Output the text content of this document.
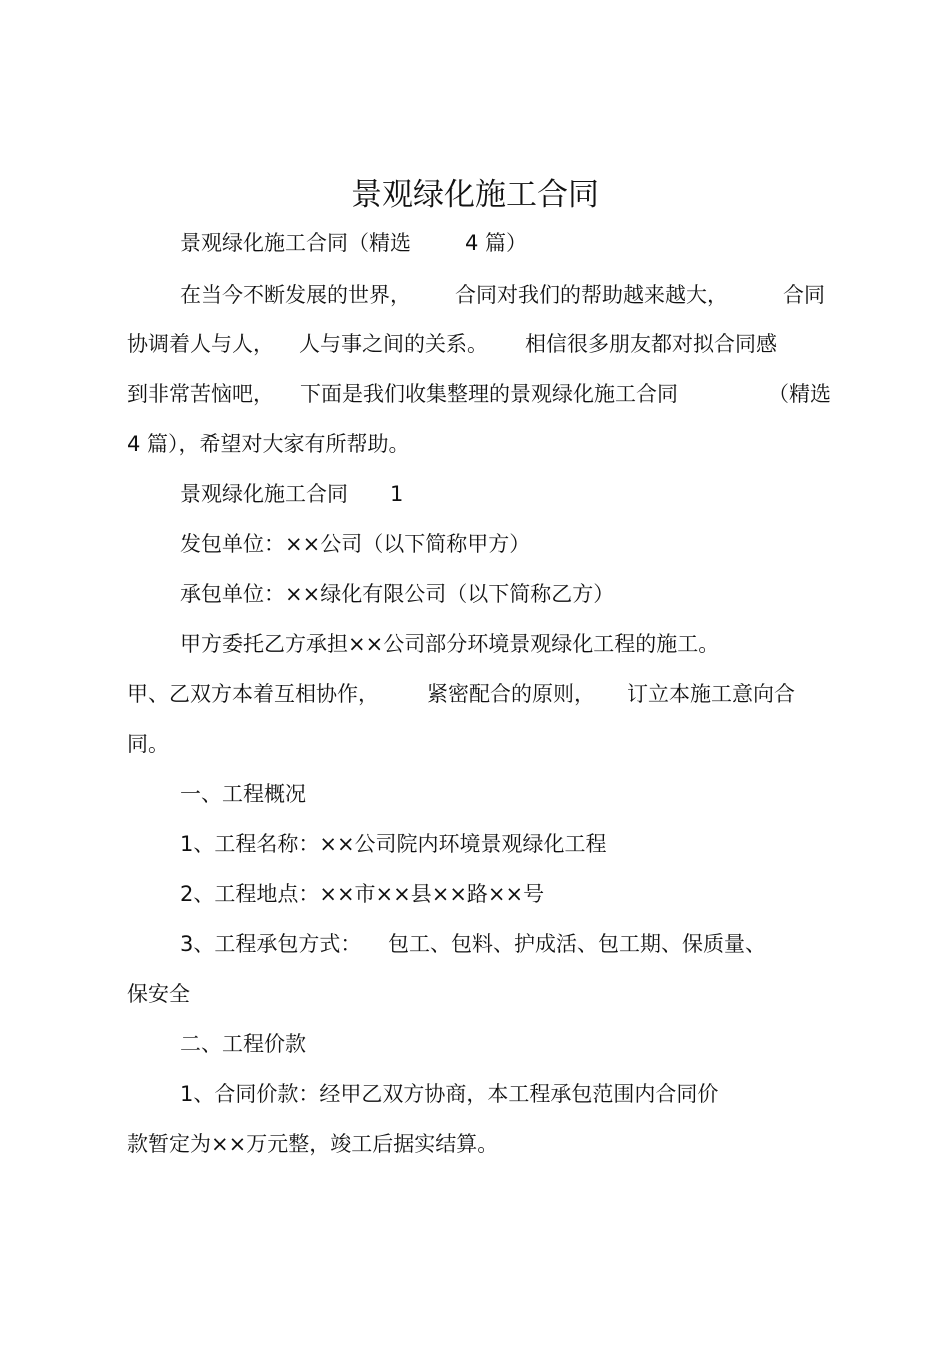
景观绿化施工合同
景观绿化施工合同（精选	4 篇）
在当今不断发展的世界， 合同对我们的帮助越来越大，	合同
协调着人与人， 人与事之间的关系。 相信很多朋友都对拟合同感
到非常苦恼吧， 下面是我们收集整理的景观绿化施工合同	（精选
4 篇），希望对大家有所帮助。
景观绿化施工合同 1
发包单位：××公司（以下简称甲方）
承包单位：××绿化有限公司（以下简称乙方）
甲方委托乙方承担××公司部分环境景观绿化工程的施工。
甲、乙双方本着互相协作， 紧密配合的原则， 订立本施工意向合
同。
一、工程概况
1、工程名称：××公司院内环境景观绿化工程
2、工程地点：××市××县××路××号
3、工程承包方式： 包工、包料、护成活、包工期、保质量、
保安全
二、工程价款
1、合同价款：经甲乙双方协商，本工程承包范围内合同价
款暂定为××万元整，竣工后据实结算。
